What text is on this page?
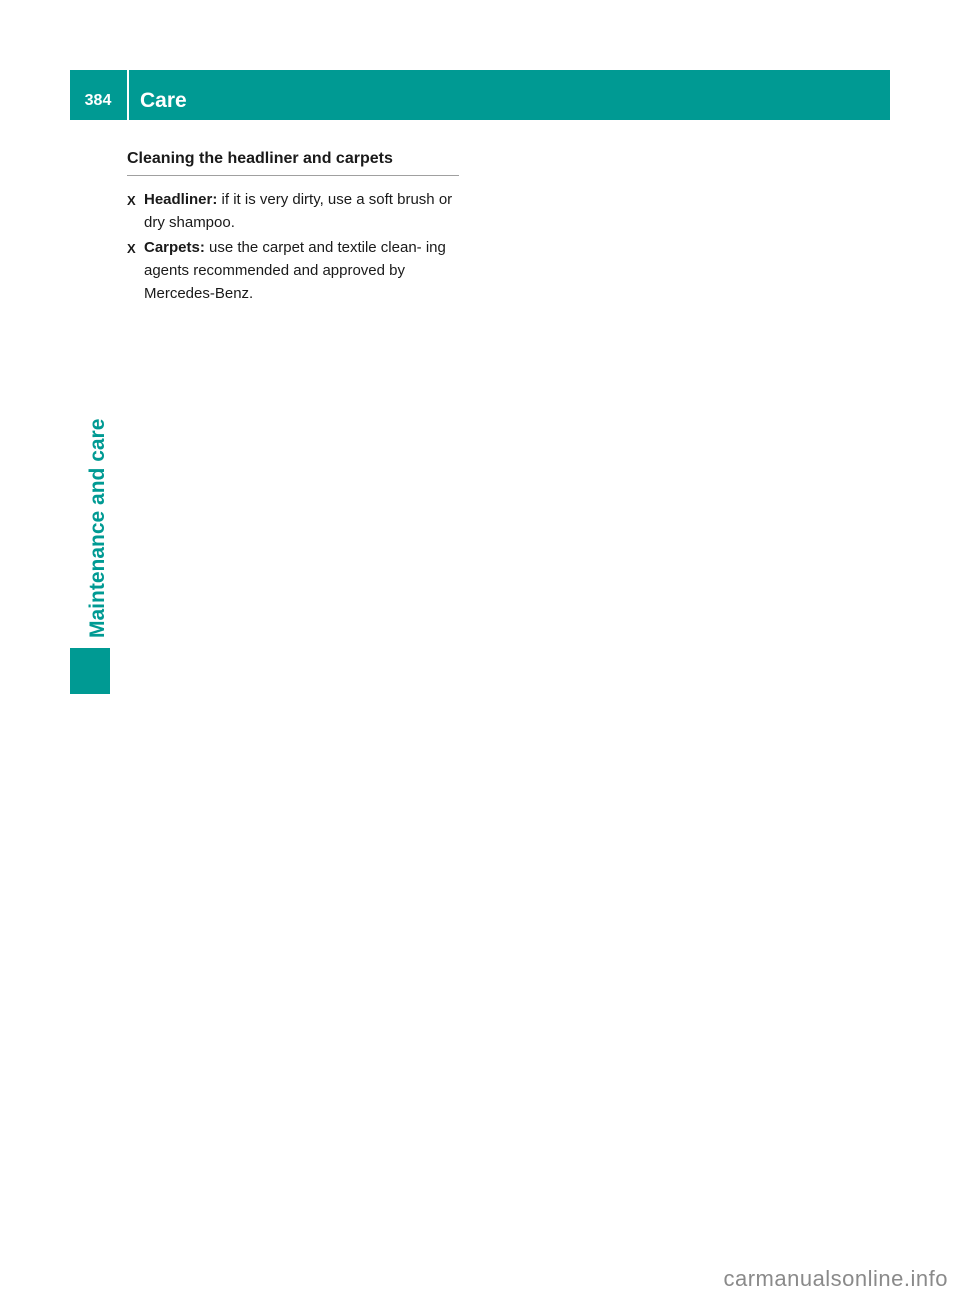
384	Care
Maintenance and care
Cleaning the headliner and carpets
X Headliner: if it is very dirty, use a soft brush or dry shampoo.
X Carpets: use the carpet and textile clean- ing agents recommended and approved by Mercedes-Benz.
carmanualsonline.info
